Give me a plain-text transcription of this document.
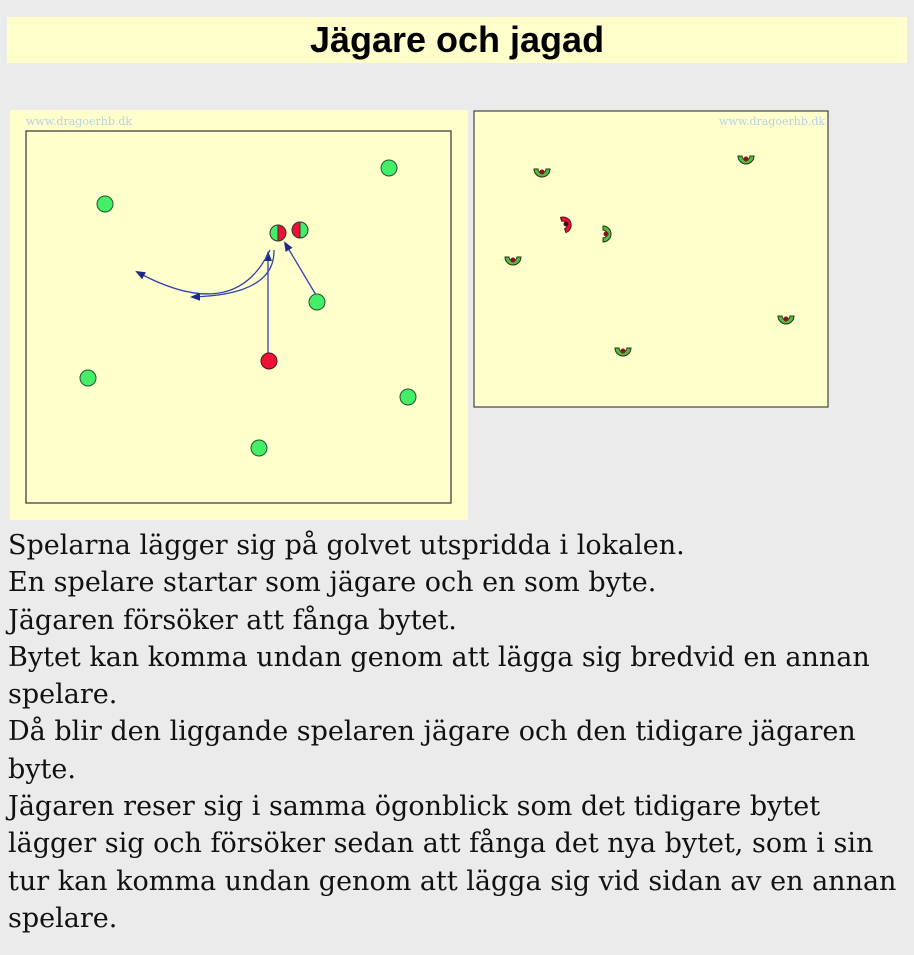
Jägare och jagad
www.dragoerhb.dk	www.dragoerhb.dk

Spelarna lägger sig på golvet utspridda i lokalen.

En spelare startar som jägare och en som byte.

Jägaren försöker att fånga bytet.

Bytet kan komma undan genom att lägga sig bredvid en annan spelare.

Då blir den liggande spelaren jägare och den tidigare jägaren byte.

Jägaren reser sig i samma ögonblick som det tidigare bytet lägger sig och försöker sedan att fånga det nya bytet, som i sin tur kan komma undan genom att lägga sig vid sidan av en annan spelare.
